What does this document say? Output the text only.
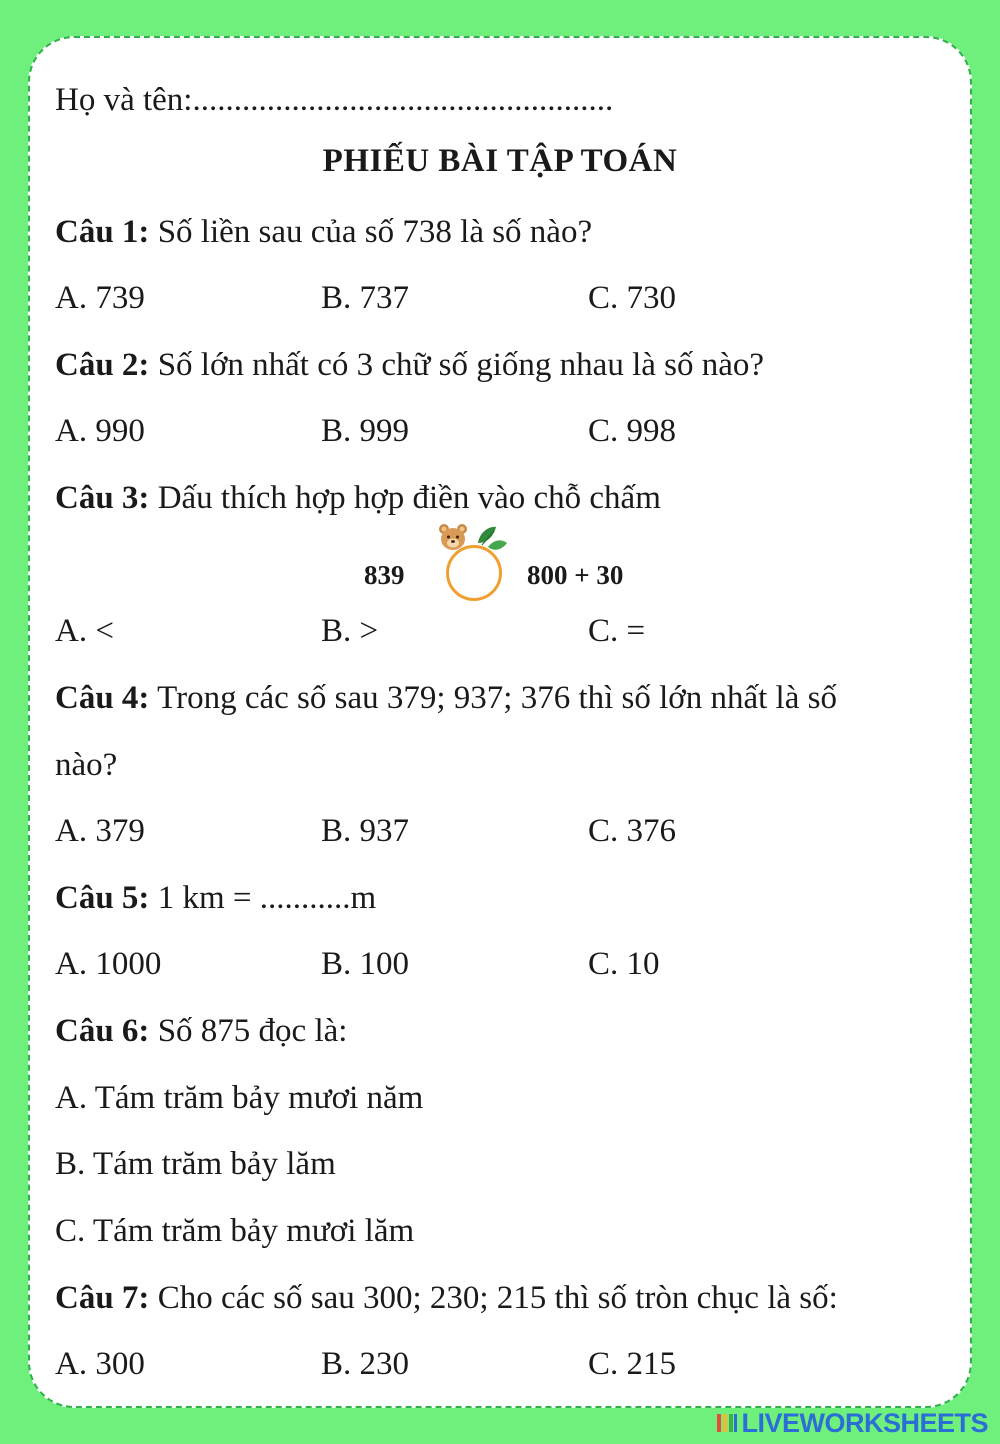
Họ và tên:...................................................
PHIẾU BÀI TẬP TOÁN
Câu 1: Số liền sau của số 738 là số nào?
A. 739	B. 737	C. 730
Câu 2: Số lớn nhất có 3 chữ số giống nhau là số nào?
A. 990	B. 999	C. 998
Câu 3: Dấu thích hợp hợp điền vào chỗ chấm
839	800 + 30
A. <	B. >	C. =
Câu 4: Trong các số sau 379; 937; 376 thì số lớn nhất là số
nào?
A. 379	B. 937	C. 376
Câu 5: 1 km = ...........m
A. 1000	B. 100	C. 10
Câu 6: Số 875 đọc là:
A. Tám trăm bảy mươi năm
B. Tám trăm bảy lăm
C. Tám trăm bảy mươi lăm
Câu 7: Cho các số sau 300; 230; 215 thì số tròn chục là số:
A. 300	B. 230	C. 215
LIVEWORKSHEETS
